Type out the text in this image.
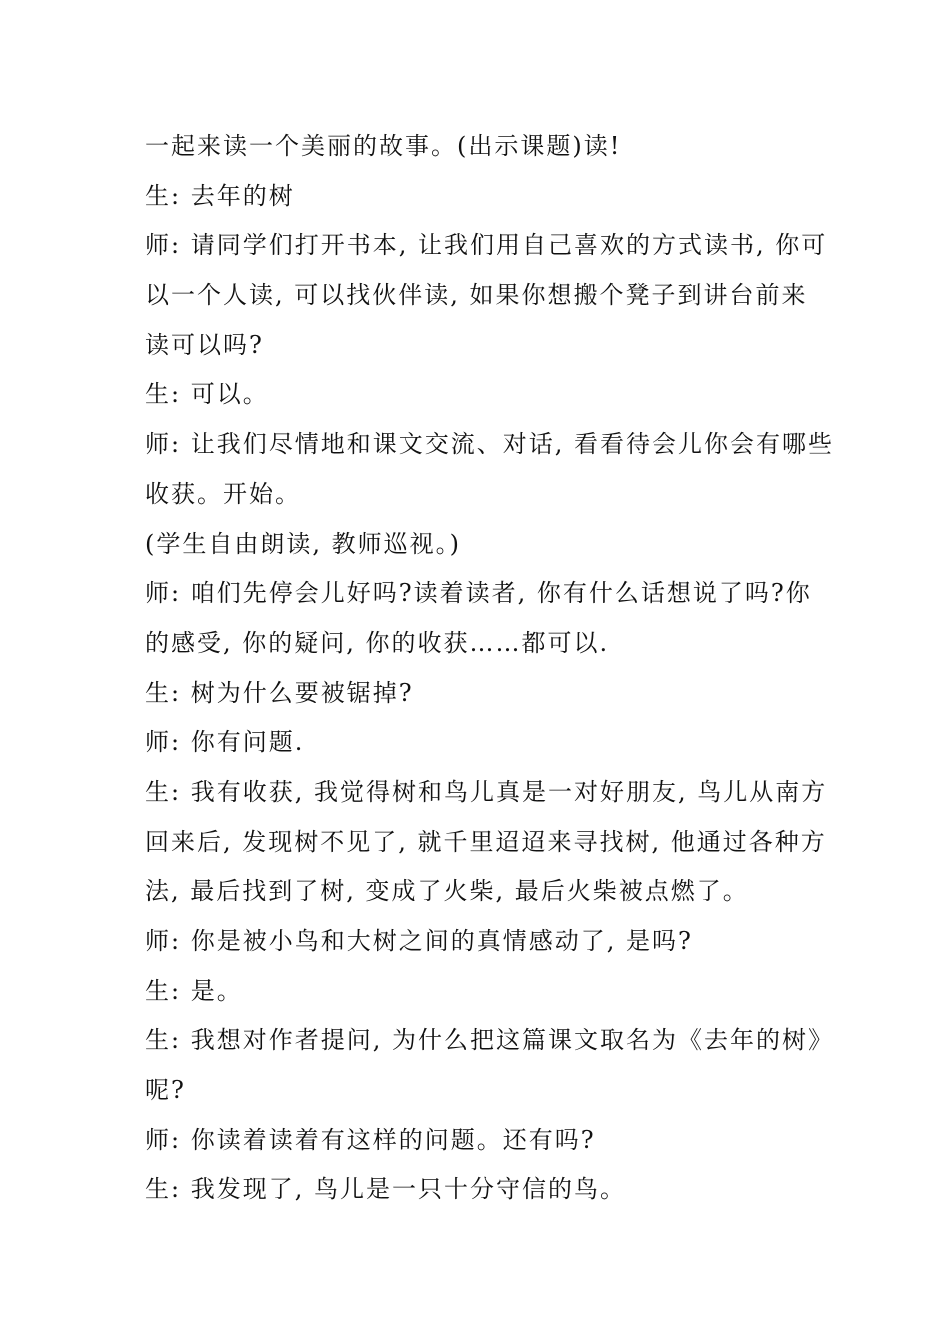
一起来读一个美丽的故事。(出示课题)读!
生: 去年的树
师: 请同学们打开书本, 让我们用自己喜欢的方式读书, 你可
以一个人读, 可以找伙伴读, 如果你想搬个凳子到讲台前来
读可以吗?
生: 可以。
师: 让我们尽情地和课文交流、对话, 看看待会儿你会有哪些
收获。开始。
(学生自由朗读, 教师巡视。)
师: 咱们先停会儿好吗?读着读者, 你有什么话想说了吗?你
的感受, 你的疑问, 你的收获……都可以.
生: 树为什么要被锯掉?
师: 你有问题.
生: 我有收获, 我觉得树和鸟儿真是一对好朋友, 鸟儿从南方
回来后, 发现树不见了, 就千里迢迢来寻找树, 他通过各种方
法, 最后找到了树, 变成了火柴, 最后火柴被点燃了。
师: 你是被小鸟和大树之间的真情感动了, 是吗?
生: 是。
生: 我想对作者提问, 为什么把这篇课文取名为《去年的树》
呢?
师: 你读着读着有这样的问题。还有吗?
生: 我发现了, 鸟儿是一只十分守信的鸟。
